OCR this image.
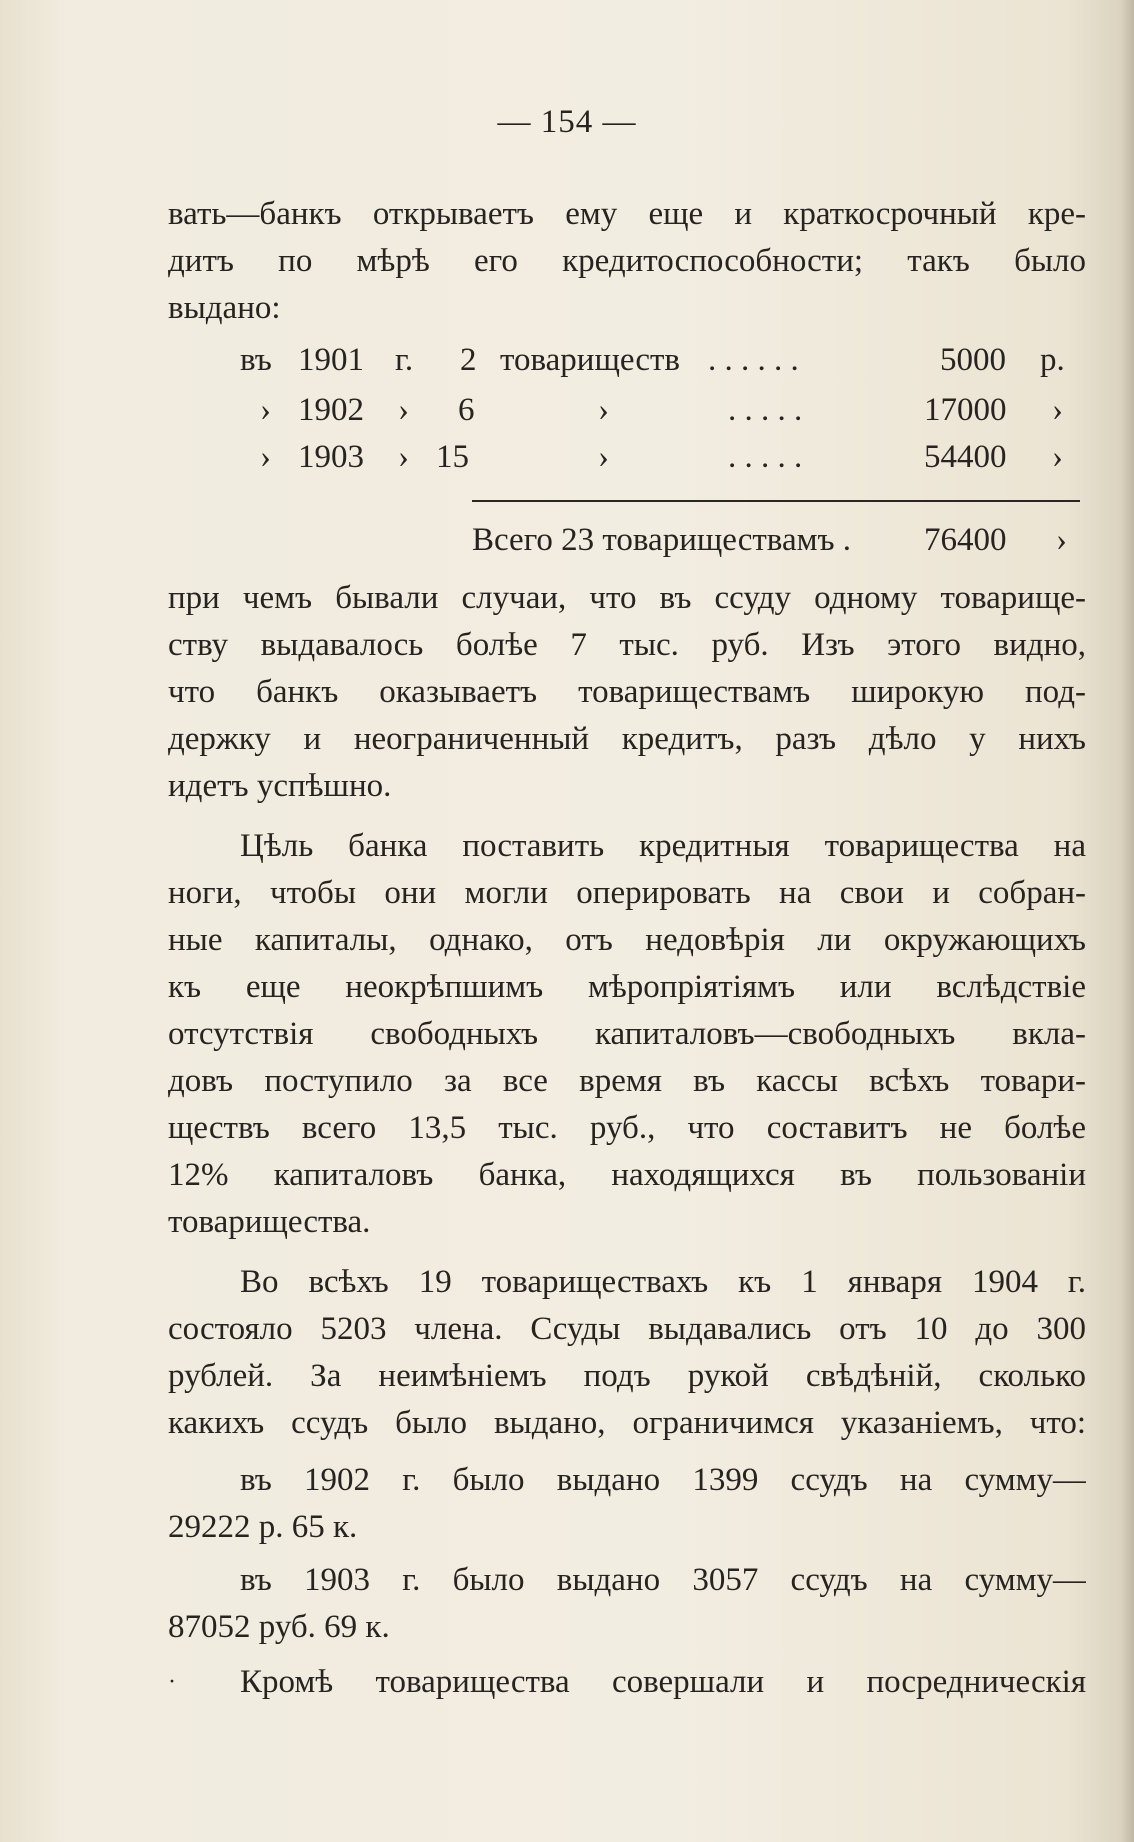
— 154 —
вать—банкъ открываетъ ему еще и краткосрочный кре-
дитъ по мѣрѣ его кредитоспособности; такъ было
выдано:
въ 1901 г. 2 товариществ . . . . . .	5000 р.
› 1902 › 6	›	. . . . .	17000 ›
› 1903 › 15	›	. . . . .	54400 ›
Всего 23 товариществамъ . 76400 ›
при чемъ бывали случаи, что въ ссуду одному товарище-
ству выдавалось болѣе 7 тыс. руб. Изъ этого видно,
что банкъ оказываетъ товариществамъ широкую под-
держку и неограниченный кредитъ, разъ дѣло у нихъ
идетъ успѣшно.
Цѣль банка поставить кредитныя товарищества на
ноги, чтобы они могли оперировать на свои и собран-
ные капиталы, однако, отъ недовѣрія ли окружающихъ
къ еще неокрѣпшимъ мѣропріятіямъ или вслѣдствіе
отсутствія свободныхъ капиталовъ—свободныхъ вкла-
довъ поступило за все время въ кассы всѣхъ товари-
ществъ всего 13,5 тыс. руб., что составитъ не болѣе
12% капиталовъ банка, находящихся въ пользованіи
товарищества.
Во всѣхъ 19 товариществахъ къ 1 января 1904 г.
состояло 5203 члена. Ссуды выдавались отъ 10 до 300
рублей. За неимѣніемъ подъ рукой свѣдѣній, сколько
какихъ ссудъ было выдано, ограничимся указаніемъ, что:
въ 1902 г. было выдано 1399 ссудъ на сумму—
29222 р. 65 к.
въ 1903 г. было выдано 3057 ссудъ на сумму—
87052 руб. 69 к.
· Кромѣ товарищества совершали и посредническія
